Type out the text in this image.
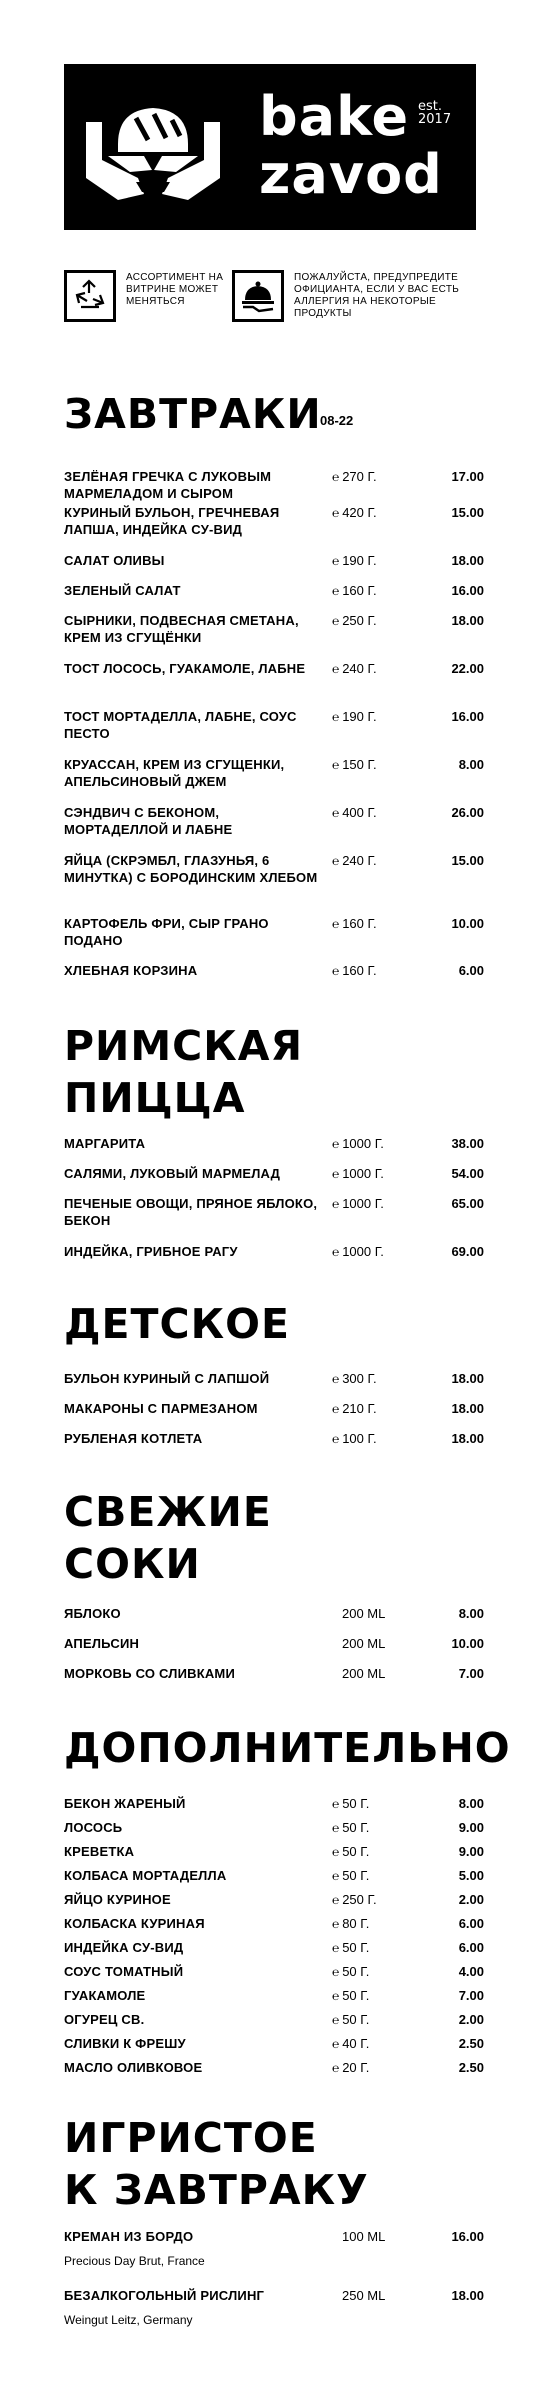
bake
zavod
est.
2017
АССОРТИМЕНТ НА ВИТРИНЕ МОЖЕТ МЕНЯТЬСЯ
ПОЖАЛУЙСТА, ПРЕДУПРЕДИТЕ ОФИЦИАНТА, ЕСЛИ У ВАС ЕСТЬ АЛЛЕРГИЯ НА НЕКОТОРЫЕ ПРОДУКТЫ
ЗАВТРАКИ
08-22
ЗЕЛЁНАЯ ГРЕЧКА С ЛУКОВЫМ МАРМЕЛАДОМ И СЫРОМ
℮ 270 Г.	17.00
КУРИНЫЙ БУЛЬОН, ГРЕЧНЕВАЯ ЛАПША, ИНДЕЙКА СУ-ВИД
℮ 420 Г.	15.00
САЛАТ ОЛИВЫ	℮ 190 Г.	18.00
ЗЕЛЕНЫЙ САЛАТ	℮ 160 Г.	16.00
СЫРНИКИ, ПОДВЕСНАЯ СМЕТАНА, КРЕМ ИЗ СГУЩЁНКИ
℮ 250 Г.	18.00
ТОСТ ЛОСОСЬ, ГУАКАМОЛЕ, ЛАБНЕ	℮ 240 Г.	22.00
ТОСТ МОРТАДЕЛЛА, ЛАБНЕ, СОУС ПЕСТО
℮ 190 Г.	16.00
КРУАССАН, КРЕМ ИЗ СГУЩЕНКИ, АПЕЛЬСИНОВЫЙ ДЖЕМ
℮ 150 Г.	8.00
СЭНДВИЧ С БЕКОНОМ, МОРТАДЕЛЛОЙ И ЛАБНЕ
℮ 400 Г.	26.00
ЯЙЦА (СКРЭМБЛ, ГЛАЗУНЬЯ, 6 МИНУТКА) С БОРОДИНСКИМ ХЛЕБОМ
℮ 240 Г.	15.00
КАРТОФЕЛЬ ФРИ, СЫР ГРАНО ПОДАНО
℮ 160 Г.	10.00
ХЛЕБНАЯ КОРЗИНА	℮ 160 Г.	6.00
РИМСКАЯ
ПИЦЦА
МАРГАРИТА	℮ 1000 Г.	38.00
САЛЯМИ, ЛУКОВЫЙ МАРМЕЛАД	℮ 1000 Г.	54.00
ПЕЧЕНЫЕ ОВОЩИ, ПРЯНОЕ ЯБЛОКО, БЕКОН
℮ 1000 Г.	65.00
ИНДЕЙКА, ГРИБНОЕ РАГУ	℮ 1000 Г.	69.00
ДЕТСКОЕ
БУЛЬОН КУРИНЫЙ С ЛАПШОЙ	℮ 300 Г.	18.00
МАКАРОНЫ С ПАРМЕЗАНОМ	℮ 210 Г.	18.00
РУБЛЕНАЯ КОТЛЕТА	℮ 100 Г.	18.00
СВЕЖИЕ
СОКИ
ЯБЛОКО	200 ML	8.00
АПЕЛЬСИН	200 ML	10.00
МОРКОВЬ СО СЛИВКАМИ	200 ML	7.00
ДОПОЛНИТЕЛЬНО
БЕКОН ЖАРЕНЫЙ	℮ 50 Г.	8.00
ЛОСОСЬ	℮ 50 Г.	9.00
КРЕВЕТКА	℮ 50 Г.	9.00
КОЛБАСА МОРТАДЕЛЛА	℮ 50 Г.	5.00
ЯЙЦО КУРИНОЕ	℮ 250 Г.	2.00
КОЛБАСКА КУРИНАЯ	℮ 80 Г.	6.00
ИНДЕЙКА СУ-ВИД	℮ 50 Г.	6.00
СОУС ТОМАТНЫЙ	℮ 50 Г.	4.00
ГУАКАМОЛЕ	℮ 50 Г.	7.00
ОГУРЕЦ СВ.	℮ 50 Г.	2.00
СЛИВКИ К ФРЕШУ	℮ 40 Г.	2.50
МАСЛО ОЛИВКОВОЕ	℮ 20 Г.	2.50
ИГРИСТОЕ
К ЗАВТРАКУ
КРЕМАН ИЗ БОРДО	100 ML	16.00
Precious Day Brut, France
БЕЗАЛКОГОЛЬНЫЙ РИСЛИНГ	250 ML	18.00
Weingut Leitz, Germany
